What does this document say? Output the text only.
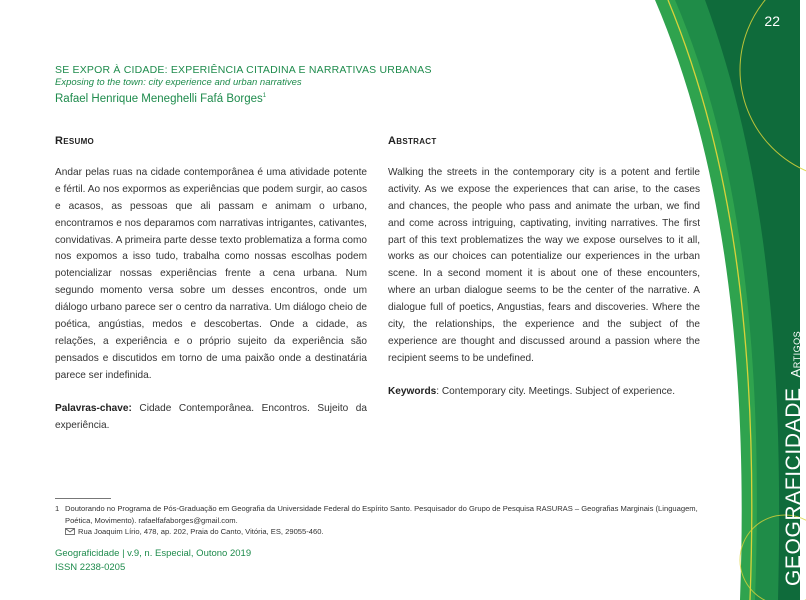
22
GEOGRAFICIDADEArtigos
SE EXPOR À CIDADE: EXPERIÊNCIA CITADINA E NARRATIVAS URBANAS
Exposing to the town: city experience and urban narratives
Rafael Henrique Meneghelli Fafá Borges$^1$
Resumo

Andar pelas ruas na cidade contemporânea é uma atividade potente e fértil. Ao nos expormos as experiências que podem surgir, ao casos e acasos, as pessoas que ali passam e animam o urbano, encontramos e nos deparamos com narrativas intrigantes, cativantes, convidativas. A primeira parte desse texto problematiza a forma como nos expomos a isso tudo, trabalha como nossas escolhas podem potencializar nossas experiências frente a cena urbana. Num segundo momento versa sobre um desses encontros, onde um diálogo urbano parece ser o centro da narrativa. Um diálogo cheio de poética, angústias, medos e descobertas. Onde a cidade, as relações, a experiência e o próprio sujeito da experiência são pensados e discutidos em torno de uma paixão onde a destinatária parece ser indefinida.

Palavras-chave: Cidade Contemporânea. Encontros. Sujeito da experiência.

Abstract

Walking the streets in the contemporary city is a potent and fertile activity. As we expose the experiences that can arise, to the cases and chances, the people who pass and animate the urban, we find and come across intriguing, captivating, inviting narratives. The first part of this text problematizes the way we expose ourselves to it all, works as our choices can potentialize our experiences in the urban scene. In a second moment it is about one of these encounters, where an urban dialogue seems to be the center of the narrative. A dialogue full of poetics, Angustias, fears and discoveries. Where the city, the relationships, the experience and the subject of the experience are thought and discussed around a passion where the recipient seems to be undefined.

Keywords: Contemporary city. Meetings. Subject of experience.

1 Doutorando no Programa de Pós-Graduação em Geografia da Universidade Federal do Espírito Santo. Pesquisador do Grupo de Pesquisa RASURAS – Geografias Marginais (Linguagem, Poética, Movimento). rafaelfafaborges@gmail.com.
Rua Joaquim Lírio, 478, ap. 202, Praia do Canto, Vitória, ES, 29055-460.
Geograficidade | v.9, n. Especial, Outono 2019
ISSN 2238-0205
